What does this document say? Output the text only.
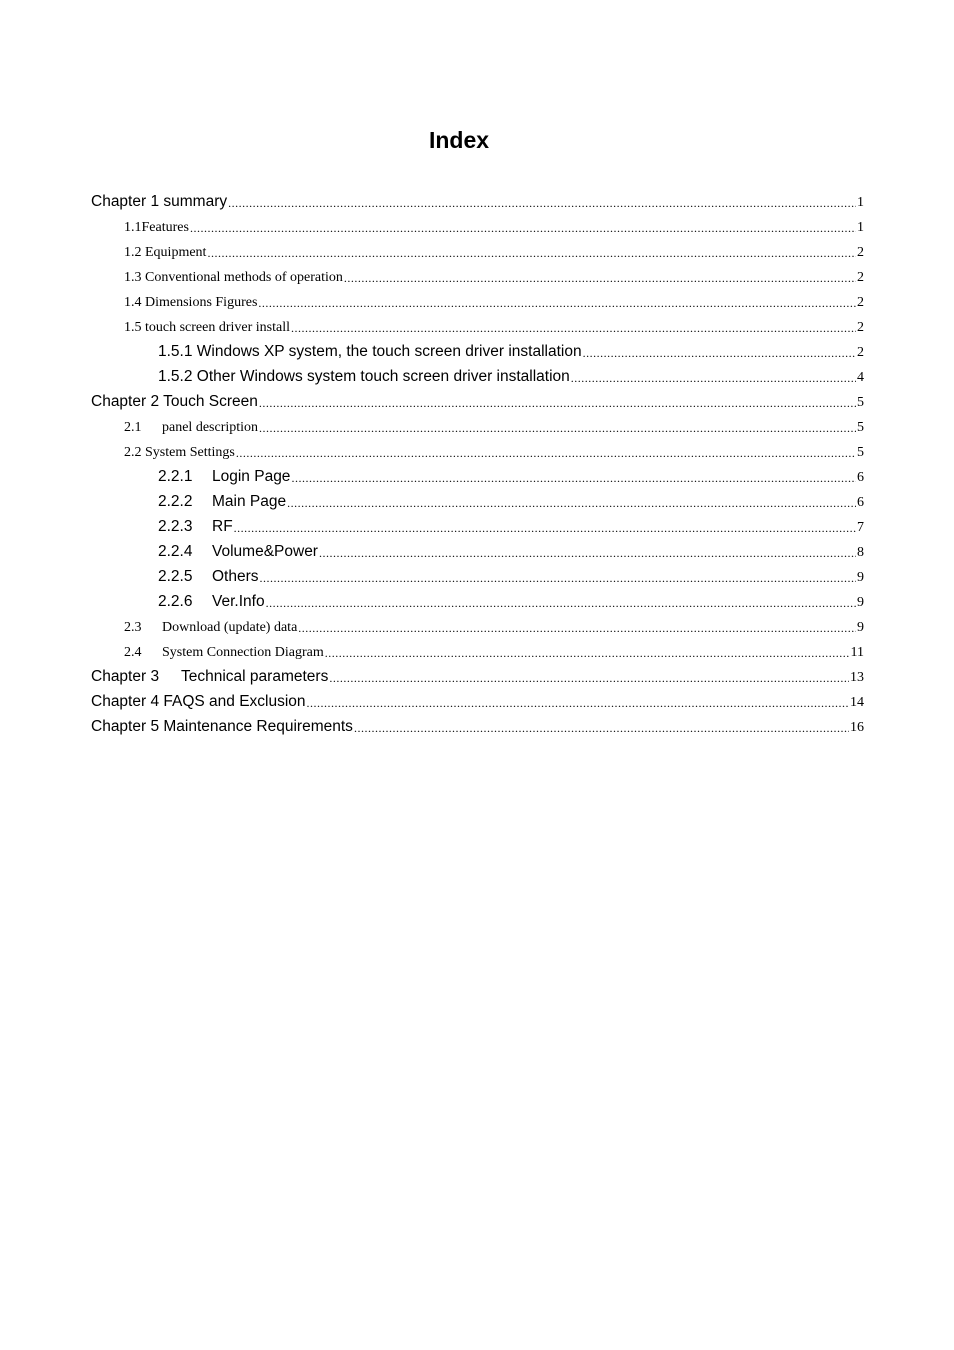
Index
Chapter 1 summary .....	1
1.1Features .....	1
1.2 Equipment .....	2
1.3 Conventional methods of operation .....	2
1.4 Dimensions Figures .....	2
1.5 touch screen driver install .....	2
1.5.1 Windows XP system, the touch screen driver installation .....	2
1.5.2 Other Windows system touch screen driver installation .....	4
Chapter 2 Touch Screen .....	5
2.1 panel description .....	5
2.2 System Settings .....	5
2.2.1 Login Page .....	6
2.2.2 Main Page .....	6
2.2.3 RF .....	7
2.2.4 Volume&Power .....	8
2.2.5 Others .....	9
2.2.6 Ver.Info .....	9
2.3 Download (update) data .....	9
2.4 System Connection Diagram .....	11
Chapter 3 Technical parameters .....	13
Chapter 4 FAQS and Exclusion .....	14
Chapter 5 Maintenance Requirements .....	16
